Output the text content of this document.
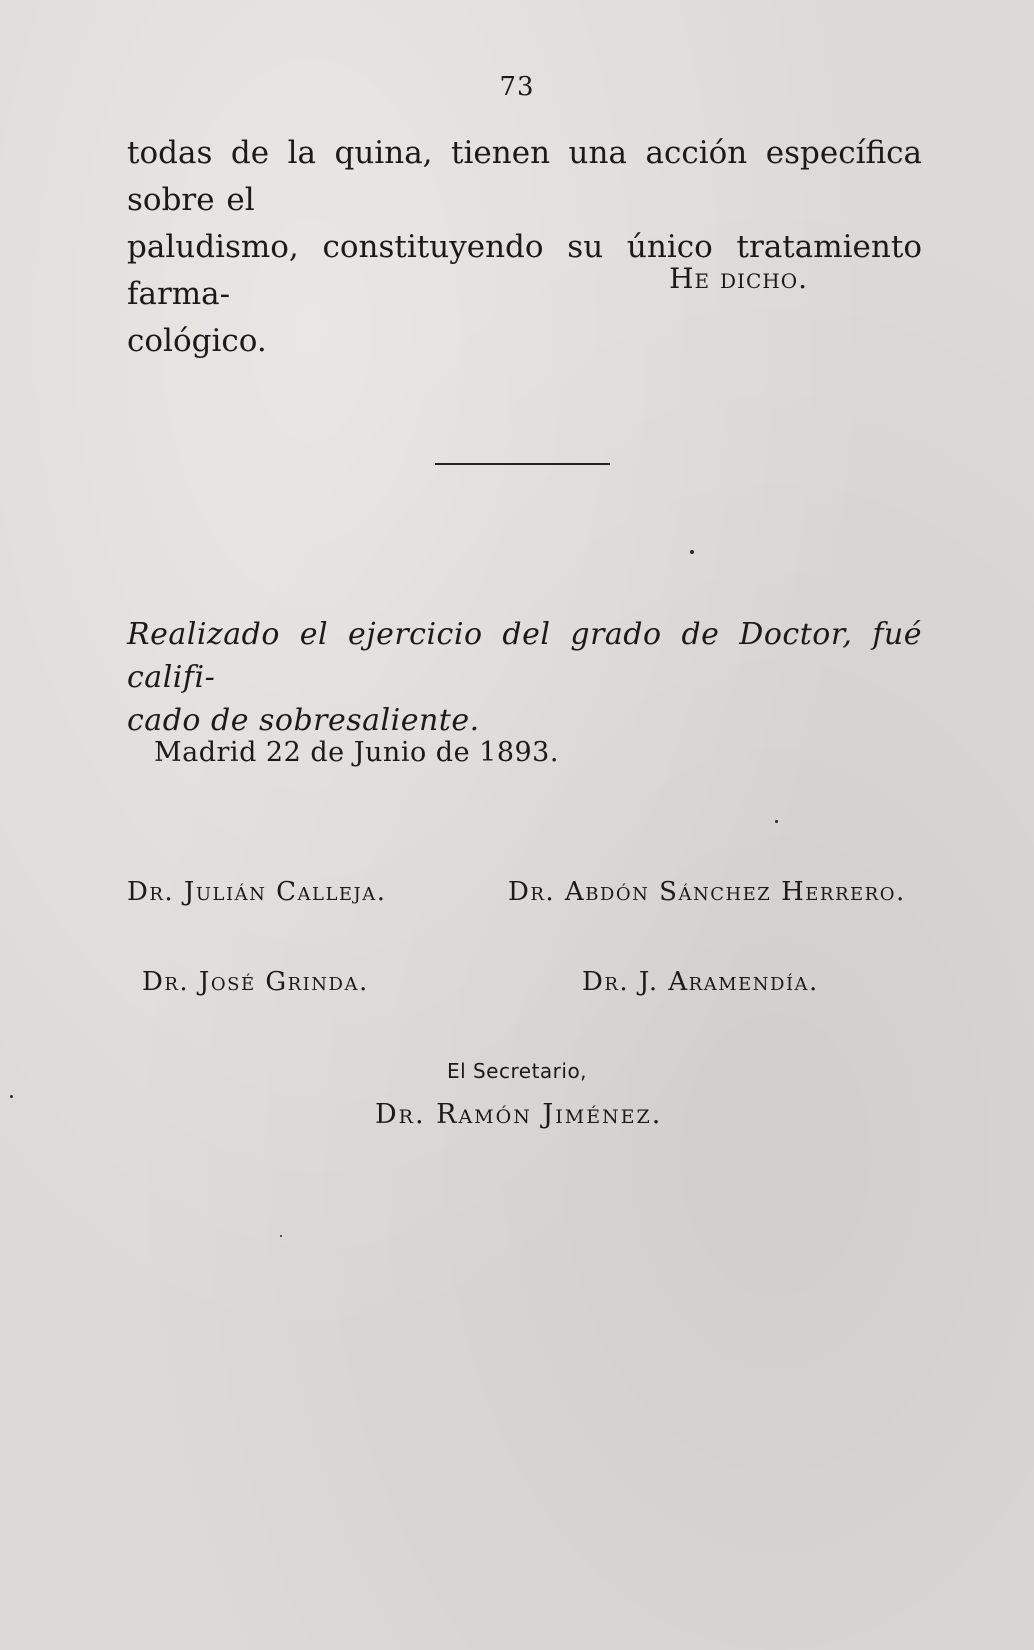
73

todas de la quina, tienen una acción específica sobre el

paludismo, constituyendo su único tratamiento farma-

cológico.

He dicho.

Realizado el ejercicio del grado de Doctor, fué califi-

cado de sobresaliente.

Madrid 22 de Junio de 1893.
Dr. Julián Calleja.	Dr. Abdón Sánchez Herrero.
Dr. José Grinda.	Dr. J. Aramendía.
El Secretario,
Dr. Ramón Jiménez.
